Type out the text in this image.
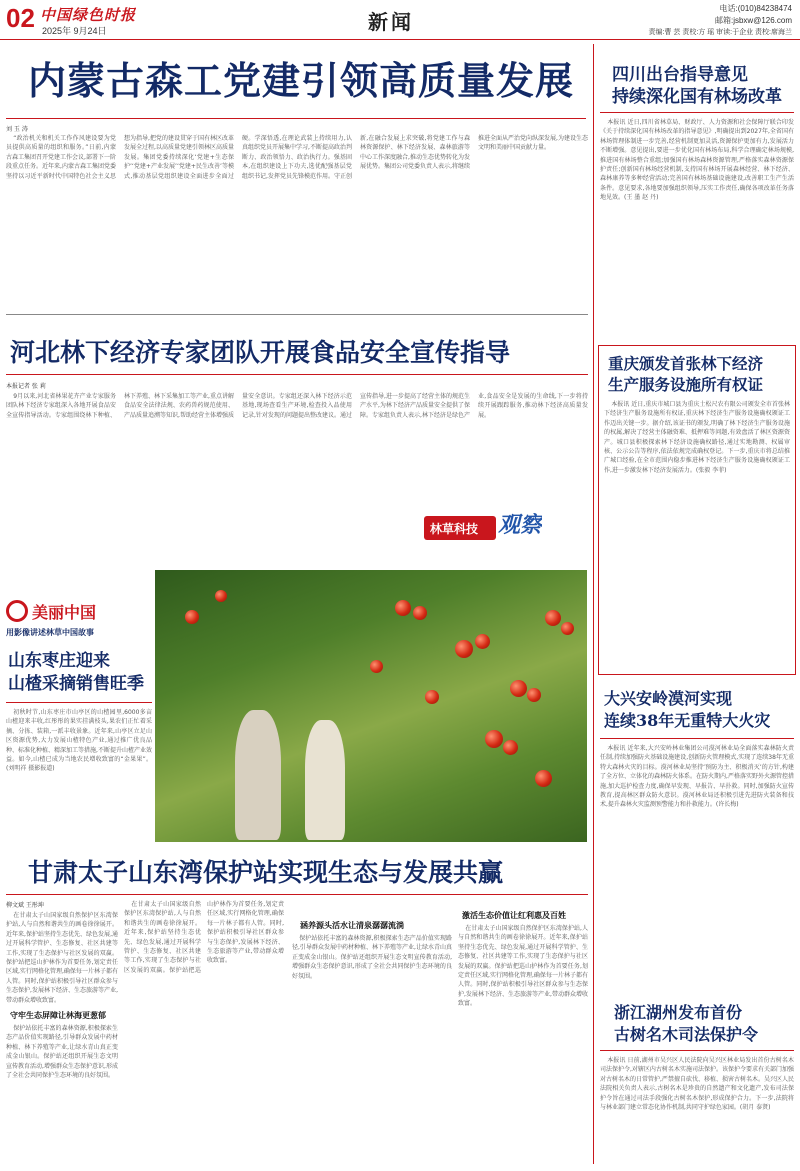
02 中国绿色时报
2025年 9月24日	新闻
电话:(010)84238474
邮箱:jsbxw@126.com
责编:曹 芸 责校:方 瑶 审读:于企业 责校:席海兰
内蒙古森工党建引领高质量发展
刘 玉 涛

“政治机关和机关工作作风建设要为党员提供高质量的组织和服务。”日前,内蒙古森工集团召开党建工作会议,部署下一阶段重点任务。近年来,内蒙古森工集团党委坚持以习近平新时代中国特色社会主义思想为指导,把党的建设贯穿于国有林区改革发展全过程,以高质量党建引领林区高质量发展。集团党委持续深化‘党建+生态保护’‘党建+产业发展’‘党建+民生改善’等模式,推动基层党组织建设全面进步全面过硬。学深悟透,在理论武装上持续用力,认真组织党员开展集中学习,不断提高政治判断力、政治领悟力、政治执行力。强基固本,在组织建设上下功夫,选优配强基层党组织书记,发挥党员先锋模范作用。守正创新,在融合发展上求突破,将党建工作与森林资源保护、林下经济发展、森林旅游等中心工作深度融合,推动生态优势转化为发展优势。集团公司党委负责人表示,将继续推进全面从严治党向纵深发展,为建设生态文明和美丽中国贡献力量。

四川出台指导意见
持续深化国有林场改革

本报讯 近日,四川省林草局、财政厅、人力资源和社会保障厅联合印发《关于持续深化国有林场改革的指导意见》,明确提出到2027年,全省国有林场管理体制进一步完善,经营机制更加灵活,资源保护更加有力,发展活力不断增强。意见提出,要进一步优化国有林场布局,科学合理确定林场规模,推进国有林场整合重组;加强国有林场森林资源管理,严格落实森林资源保护责任;创新国有林场经营机制,支持国有林场开展森林经营、林下经济、森林康养等多种经营活动;完善国有林场基础设施建设,改善职工生产生活条件。意见要求,各地要加强组织领导,压实工作责任,确保各项改革任务落地见效。(王 墨 赵 丹)

河北林下经济专家团队开展食品安全宣传指导
本报记者 张 莉

9月以来,河北省林果花卉产业专家服务团队林下经济专家组深入各地开展食品安全宣传指导活动。专家组围绕林下种植、林下养殖、林下采集加工等产业,重点讲解食品安全法律法规、农药兽药规范使用、产品质量追溯等知识,帮助经营主体增强质量安全意识。专家组还深入林下经济示范基地,现场查看生产环境,检查投入品使用记录,针对发现的问题提出整改建议。通过宣传指导,进一步提高了经营主体的规范生产水平,为林下经济产品质量安全提供了保障。专家组负责人表示,林下经济是绿色产业,食品安全是发展的生命线,下一步将持续开展跟踪服务,推动林下经济高质量发展。

林草科技 观察
重庆颁发首张林下经济
生产服务设施所有权证

本报讯 近日,重庆市城口县为重庆土松尺农有限公司颁发全市首张林下经济生产服务设施所有权证,重庆林下经济生产服务设施确权颁证工作迈出关键一步。据介绍,该证书的颁发,明确了林下经济生产服务设施的权属,解决了经营主体融资难、抵押难等问题,有效盘活了林区资源资产。城口县积极探索林下经济设施确权路径,通过实地勘测、权属审核、公示公告等程序,依法依规完成确权登记。下一步,重庆市将总结推广城口经验,在全市范围内稳步推进林下经济生产服务设施确权颁证工作,进一步激发林下经济发展活力。(张毅 李菲)

美丽中国
用影像讲述林草中国故事
山东枣庄迎来
山楂采摘销售旺季

初秋时节,山东枣庄市山亭区的山楂园里,6000多亩山楂迎来丰收,红彤彤的果实挂满枝头,果农们正忙着采摘、分拣、装箱,一派丰收景象。近年来,山亭区立足山区资源优势,大力发展山楂特色产业,通过推广优良品种、标准化种植、精深加工等措施,不断提升山楂产业效益。如今,山楂已成为当地农民增收致富的“金果果”。(刘明祥 摄影报道)

大兴安岭漠河实现
连续38年无重特大火灾

本报讯 近年来,大兴安岭林业集团公司漠河林业局全面落实森林防火责任制,持续加强防火基础设施建设,创新防火管理模式,实现了连续38年无重特大森林火灾的目标。漠河林业局坚持‘预防为主、积极消灭’的方针,构建了全方位、立体化的森林防火体系。在防火期内,严格落实野外火源管控措施,加大巡护检查力度,确保早发现、早报告、早扑救。同时,加强防火宣传教育,提高林区群众防火意识。漠河林业局还积极引进先进防火装备和技术,提升森林火灾监测预警能力和扑救能力。(许长梅)

甘肃太子山东湾保护站实现生态与发展共赢
柳文斌 王彤坤

在甘肃太子山国家级自然保护区东湾保护站,人与自然和谐共生的画卷徐徐展开。近年来,保护站坚持生态优先、绿色发展,通过开展科学管护、生态修复、社区共建等工作,实现了生态保护与社区发展的双赢。保护站把巡山护林作为首要任务,划定责任区域,实行网格化管理,确保每一片林子都有人管。同时,保护站积极引导社区群众参与生态保护,发展林下经济、生态旅游等产业,带动群众增收致富。

守牢生态屏障让林海更葱郁

保护站依托丰富的森林资源,积极探索生态产品价值实现路径,引导群众发展中药材种植、林下养殖等产业,让绿水青山真正变成金山银山。保护站还组织开展生态文明宣传教育活动,增强群众生态保护意识,形成了全社会共同保护生态环境的良好氛围。

在甘肃太子山国家级自然保护区东湾保护站,人与自然和谐共生的画卷徐徐展开。近年来,保护站坚持生态优先、绿色发展,通过开展科学管护、生态修复、社区共建等工作,实现了生态保护与社区发展的双赢。保护站把巡山护林作为首要任务,划定责任区域,实行网格化管理,确保每一片林子都有人管。同时,保护站积极引导社区群众参与生态保护,发展林下经济、生态旅游等产业,带动群众增收致富。

涵养源头活水让清泉潺潺流淌

保护站依托丰富的森林资源,积极探索生态产品价值实现路径,引导群众发展中药材种植、林下养殖等产业,让绿水青山真正变成金山银山。保护站还组织开展生态文明宣传教育活动,增强群众生态保护意识,形成了全社会共同保护生态环境的良好氛围。

激活生态价值让红利惠及百姓

在甘肃太子山国家级自然保护区东湾保护站,人与自然和谐共生的画卷徐徐展开。近年来,保护站坚持生态优先、绿色发展,通过开展科学管护、生态修复、社区共建等工作,实现了生态保护与社区发展的双赢。保护站把巡山护林作为首要任务,划定责任区域,实行网格化管理,确保每一片林子都有人管。同时,保护站积极引导社区群众参与生态保护,发展林下经济、生态旅游等产业,带动群众增收致富。	浙江湖州发布首份
古树名木司法保护令

本报讯 日前,湖州市吴兴区人民法院向吴兴区林业局发出首份古树名木司法保护令,对辖区内古树名木实施司法保护。该保护令要求有关部门加强对古树名木的日常管护,严禁擅自砍伐、移植、损害古树名木。吴兴区人民法院相关负责人表示,古树名木是珍贵的自然遗产和文化遗产,发布司法保护令旨在通过司法手段强化古树名木保护,形成保护合力。下一步,法院将与林业部门建立常态化协作机制,共同守护绿色家园。(胡月 泰贤)
